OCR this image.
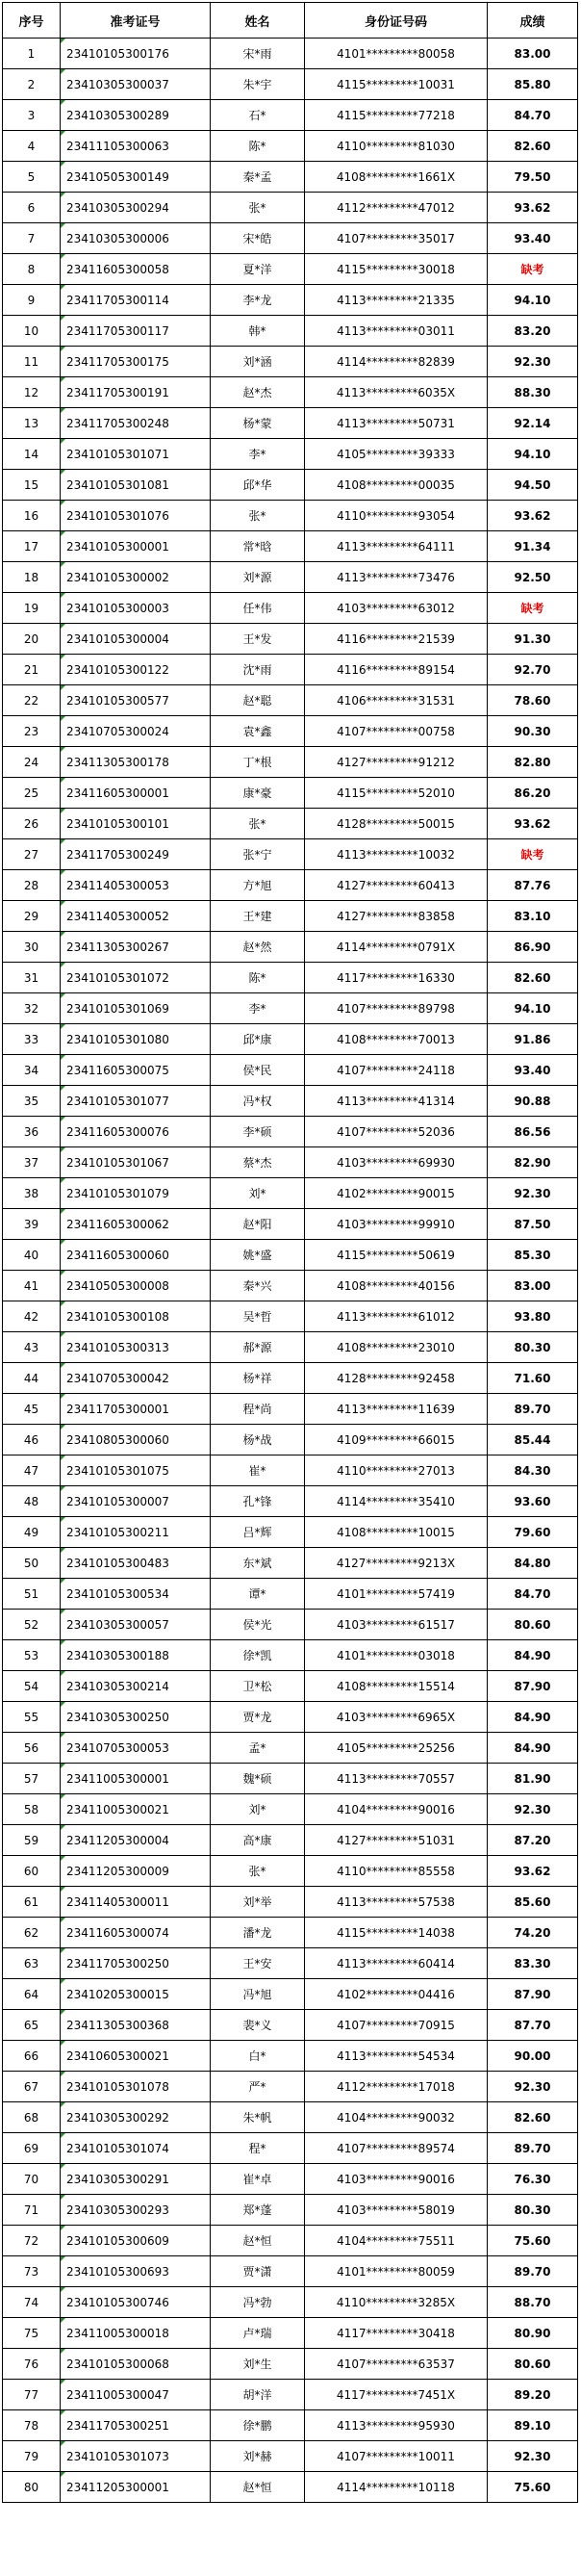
序号	准考证号	姓名	身份证号码	成绩
1	23410105300176	宋*雨	4101*********80058	83.00
2	23410305300037	朱*宇	4115*********10031	85.80
3	23410305300289	石*	4115*********77218	84.70
4	23411105300063	陈*	4110*********81030	82.60
5	23410505300149	秦*孟	4108*********1661X	79.50
6	23410305300294	张*	4112*********47012	93.62
7	23410305300006	宋*皓	4107*********35017	93.40
8	23411605300058	夏*洋	4115*********30018	缺考
9	23411705300114	李*龙	4113*********21335	94.10
10	23411705300117	韩*	4113*********03011	83.20
11	23411705300175	刘*涵	4114*********82839	92.30
12	23411705300191	赵*杰	4113*********6035X	88.30
13	23411705300248	杨*蒙	4113*********50731	92.14
14	23410105301071	李*	4105*********39333	94.10
15	23410105301081	邱*华	4108*********00035	94.50
16	23410105301076	张*	4110*********93054	93.62
17	23410105300001	常*晗	4113*********64111	91.34
18	23410105300002	刘*源	4113*********73476	92.50
19	23410105300003	任*伟	4103*********63012	缺考
20	23410105300004	王*发	4116*********21539	91.30
21	23410105300122	沈*雨	4116*********89154	92.70
22	23410105300577	赵*聪	4106*********31531	78.60
23	23410705300024	袁*鑫	4107*********00758	90.30
24	23411305300178	丁*根	4127*********91212	82.80
25	23411605300001	康*豪	4115*********52010	86.20
26	23410105300101	张*	4128*********50015	93.62
27	23411705300249	张*宁	4113*********10032	缺考
28	23411405300053	方*旭	4127*********60413	87.76
29	23411405300052	王*建	4127*********83858	83.10
30	23411305300267	赵*然	4114*********0791X	86.90
31	23410105301072	陈*	4117*********16330	82.60
32	23410105301069	李*	4107*********89798	94.10
33	23410105301080	邱*康	4108*********70013	91.86
34	23411605300075	侯*民	4107*********24118	93.40
35	23410105301077	冯*权	4113*********41314	90.88
36	23411605300076	李*硕	4107*********52036	86.56
37	23410105301067	蔡*杰	4103*********69930	82.90
38	23410105301079	刘*	4102*********90015	92.30
39	23411605300062	赵*阳	4103*********99910	87.50
40	23411605300060	姚*盛	4115*********50619	85.30
41	23410505300008	秦*兴	4108*********40156	83.00
42	23410105300108	吴*哲	4113*********61012	93.80
43	23410105300313	郝*源	4108*********23010	80.30
44	23410705300042	杨*祥	4128*********92458	71.60
45	23411705300001	程*尚	4113*********11639	89.70
46	23410805300060	杨*战	4109*********66015	85.44
47	23410105301075	崔*	4110*********27013	84.30
48	23410105300007	孔*锋	4114*********35410	93.60
49	23410105300211	吕*辉	4108*********10015	79.60
50	23410105300483	东*斌	4127*********9213X	84.80
51	23410105300534	谭*	4101*********57419	84.70
52	23410305300057	侯*光	4103*********61517	80.60
53	23410305300188	徐*凯	4101*********03018	84.90
54	23410305300214	卫*松	4108*********15514	87.90
55	23410305300250	贾*龙	4103*********6965X	84.90
56	23410705300053	孟*	4105*********25256	84.90
57	23411005300001	魏*硕	4113*********70557	81.90
58	23411005300021	刘*	4104*********90016	92.30
59	23411205300004	高*康	4127*********51031	87.20
60	23411205300009	张*	4110*********85558	93.62
61	23411405300011	刘*举	4113*********57538	85.60
62	23411605300074	潘*龙	4115*********14038	74.20
63	23411705300250	王*安	4113*********60414	83.30
64	23410205300015	冯*旭	4102*********04416	87.90
65	23411305300368	裴*义	4107*********70915	87.70
66	23410605300021	白*	4113*********54534	90.00
67	23410105301078	严*	4112*********17018	92.30
68	23410305300292	朱*帆	4104*********90032	82.60
69	23410105301074	程*	4107*********89574	89.70
70	23410305300291	崔*卓	4103*********90016	76.30
71	23410305300293	郑*蓬	4103*********58019	80.30
72	23410105300609	赵*恒	4104*********75511	75.60
73	23410105300693	贾*潇	4101*********80059	89.70
74	23410105300746	冯*勃	4110*********3285X	88.70
75	23411005300018	卢*瑞	4117*********30418	80.90
76	23410105300068	刘*生	4107*********63537	80.60
77	23411005300047	胡*洋	4117*********7451X	89.20
78	23411705300251	徐*鹏	4113*********95930	89.10
79	23410105301073	刘*赫	4107*********10011	92.30
80	23411205300001	赵*恒	4114*********10118	75.60
